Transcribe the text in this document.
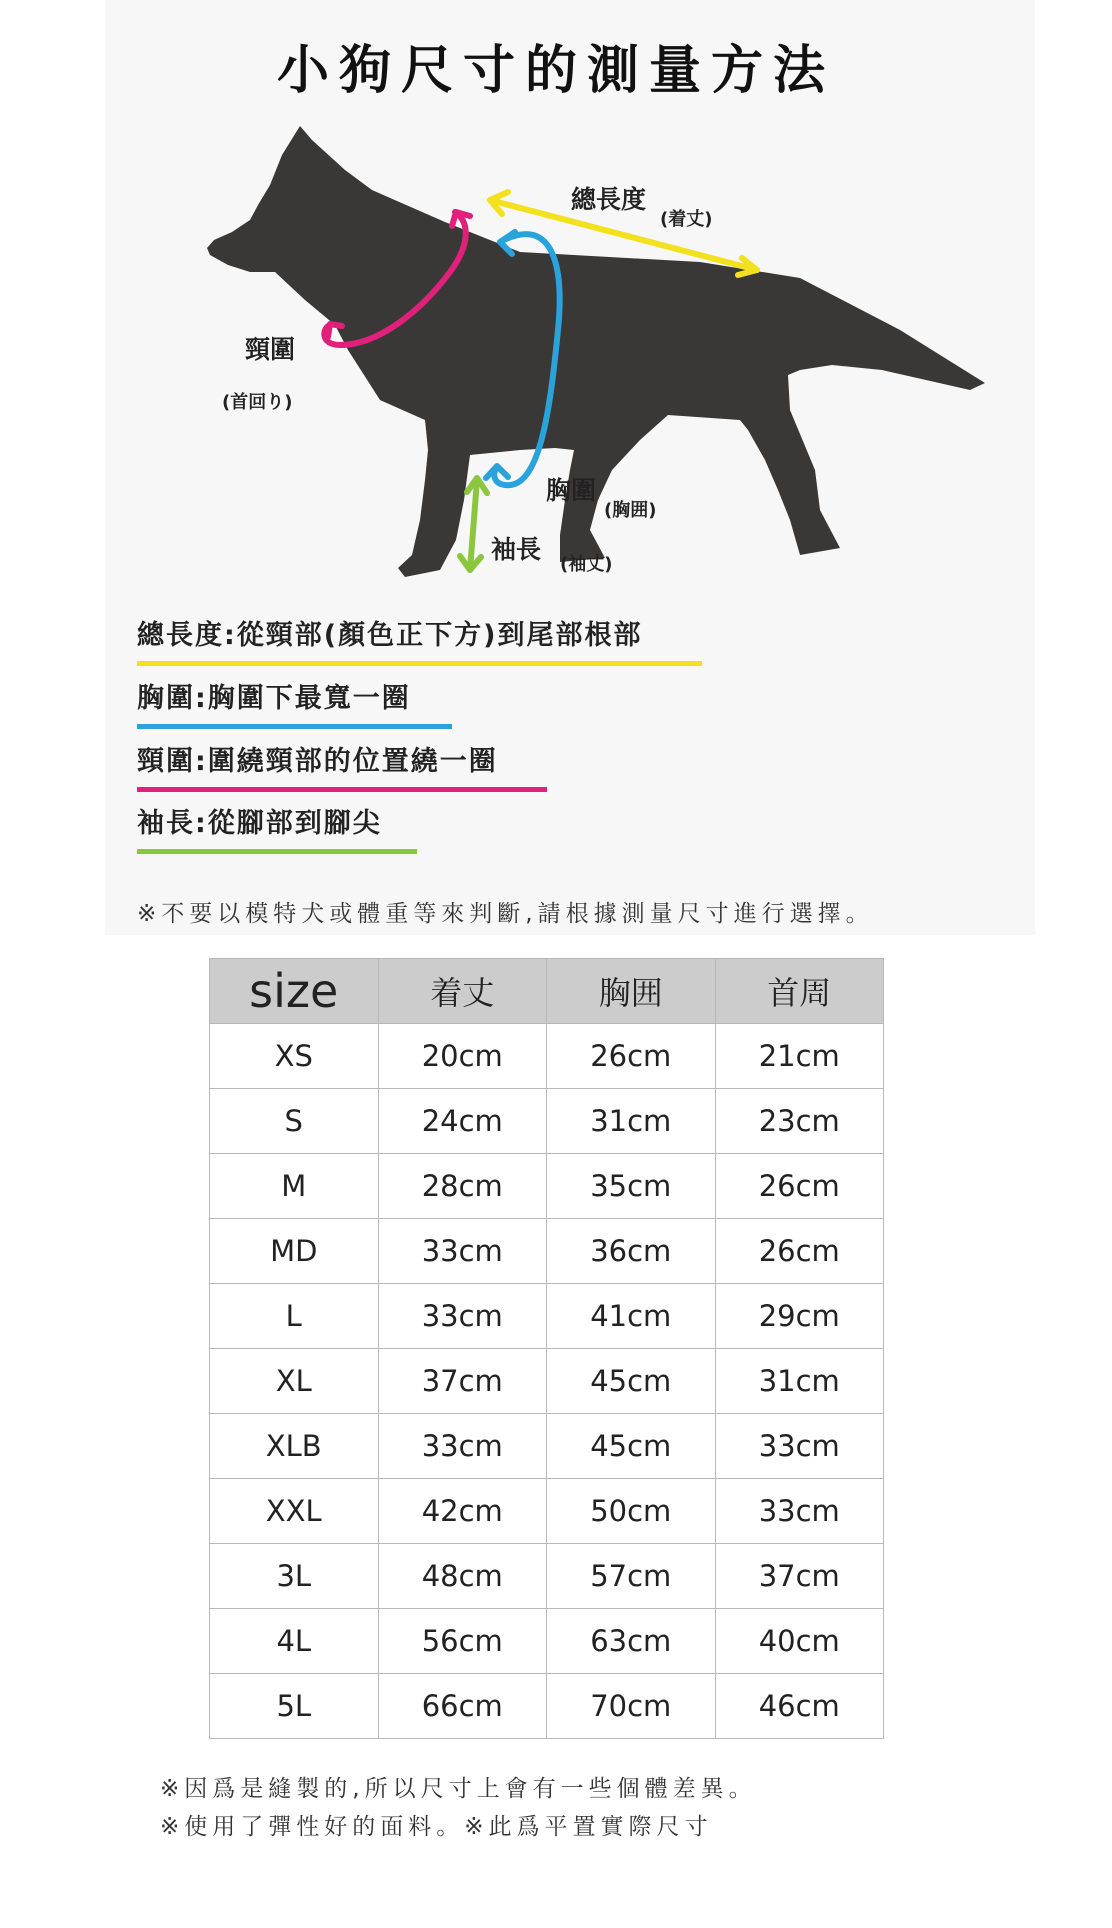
小狗尺寸的測量方法
總長度
(着丈)
頸圍
(首回り)
胸圍
(胸囲)
袖長
(袖丈)
總長度:從頸部(顏色正下方)到尾部根部
胸圍:胸圍下最寬一圈
頸圍:圍繞頸部的位置繞一圈
袖長:從腳部到腳尖
※不要以模特犬或體重等來判斷,請根據測量尺寸進行選擇。
size	着丈	胸囲	首周
XS	20cm	26cm	21cm
S	24cm	31cm	23cm
M	28cm	35cm	26cm
MD	33cm	36cm	26cm
L	33cm	41cm	29cm
XL	37cm	45cm	31cm
XLB	33cm	45cm	33cm
XXL	42cm	50cm	33cm
3L	48cm	57cm	37cm
4L	56cm	63cm	40cm
5L	66cm	70cm	46cm
※因爲是縫製的,所以尺寸上會有一些個體差異。
※使用了彈性好的面料。※此爲平置實際尺寸
